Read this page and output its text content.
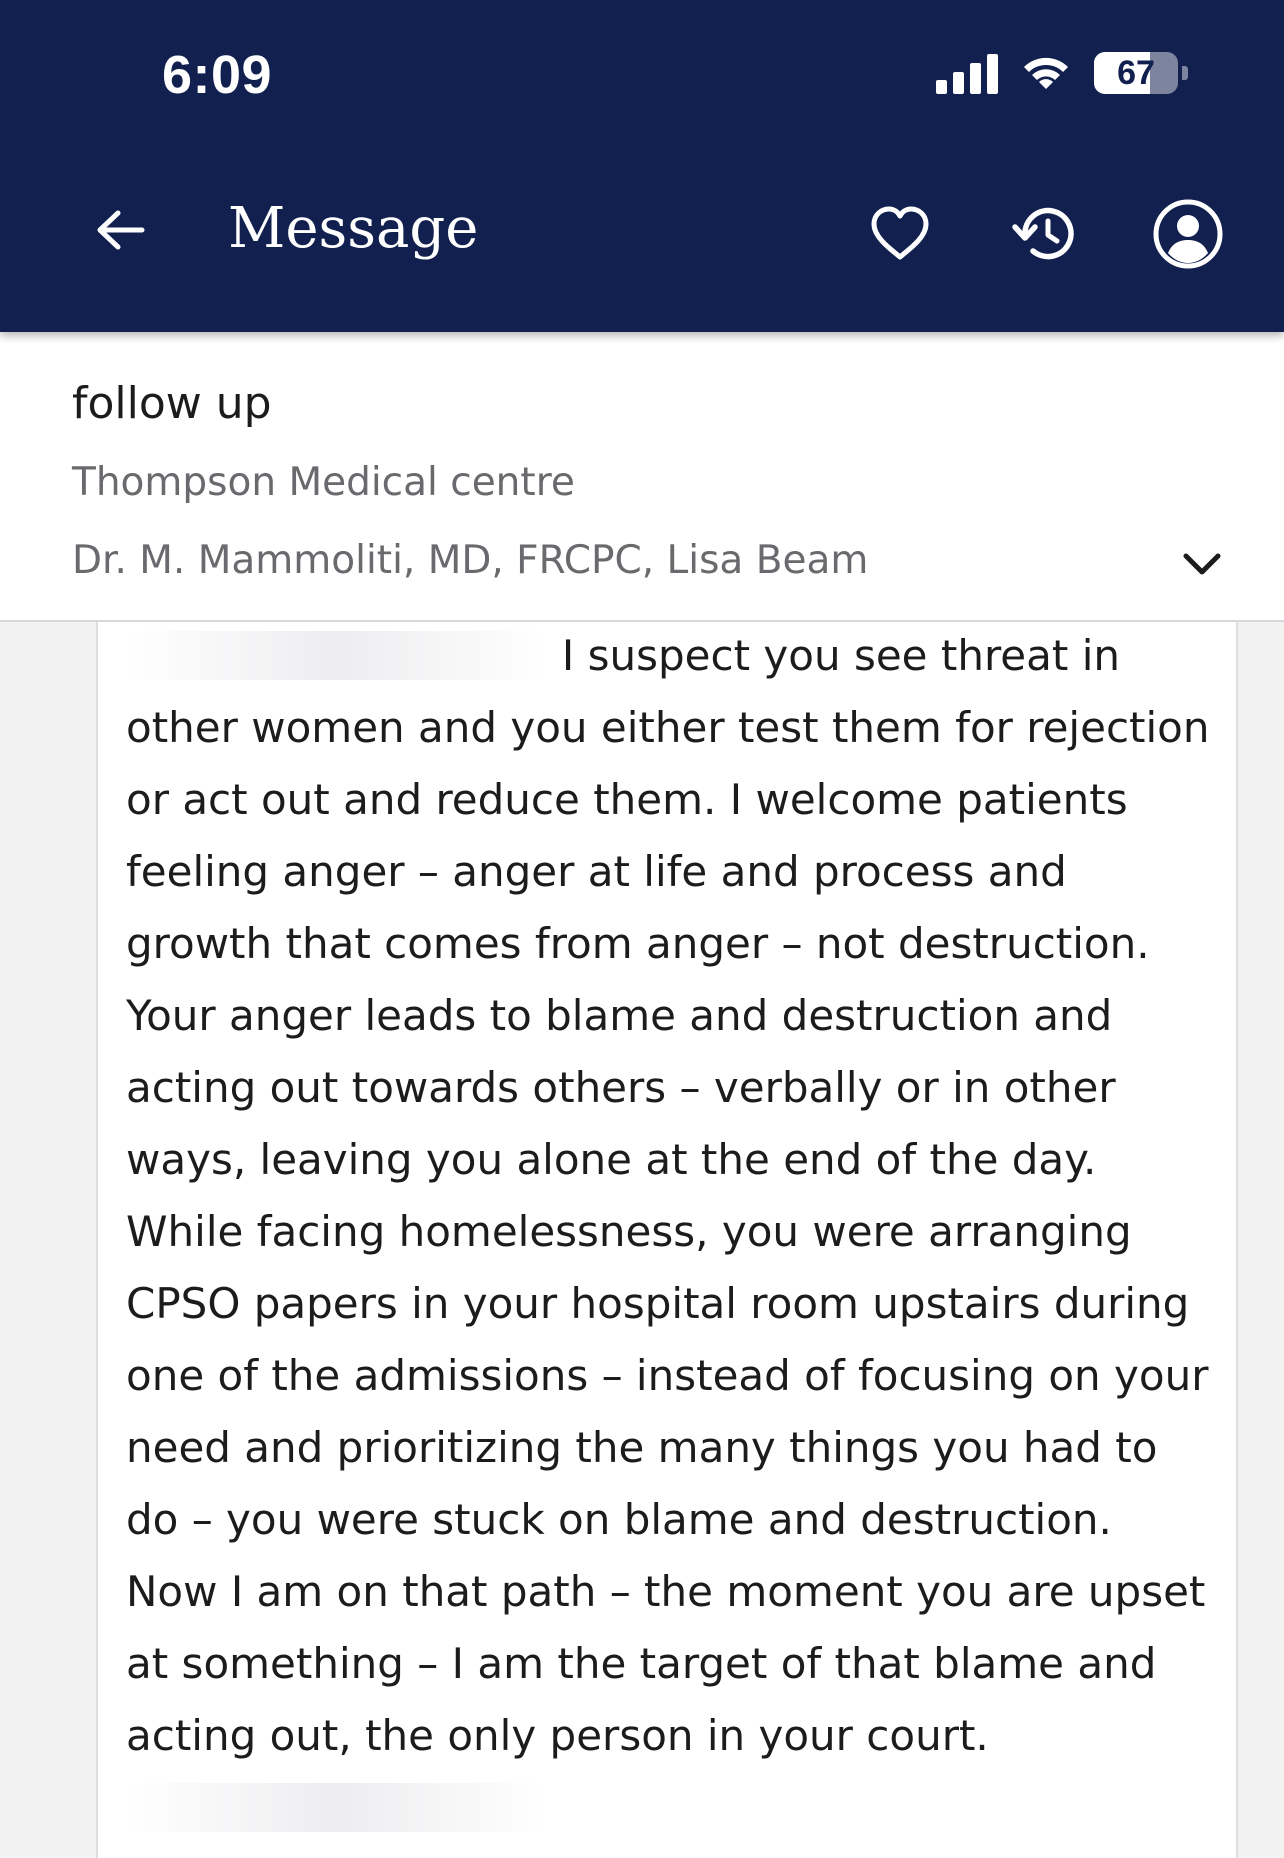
6:09	67
Message
follow up
Thompson Medical centre
Dr. M. Mammoliti, MD, FRCPC, Lisa Beam
I suspect you see threat in other women and you either test them for rejection or act out and reduce them. I welcome patients feeling anger – anger at life and process and growth that comes from anger – not destruction. Your anger leads to blame and destruction and acting out towards others – verbally or in other ways, leaving you alone at the end of the day. While facing homelessness, you were arranging CPSO papers in your hospital room upstairs during one of the admissions – instead of focusing on your need and prioritizing the many things you had to do – you were stuck on blame and destruction. Now I am on that path – the moment you are upset at something – I am the target of that blame and acting out, the only person in your court.
